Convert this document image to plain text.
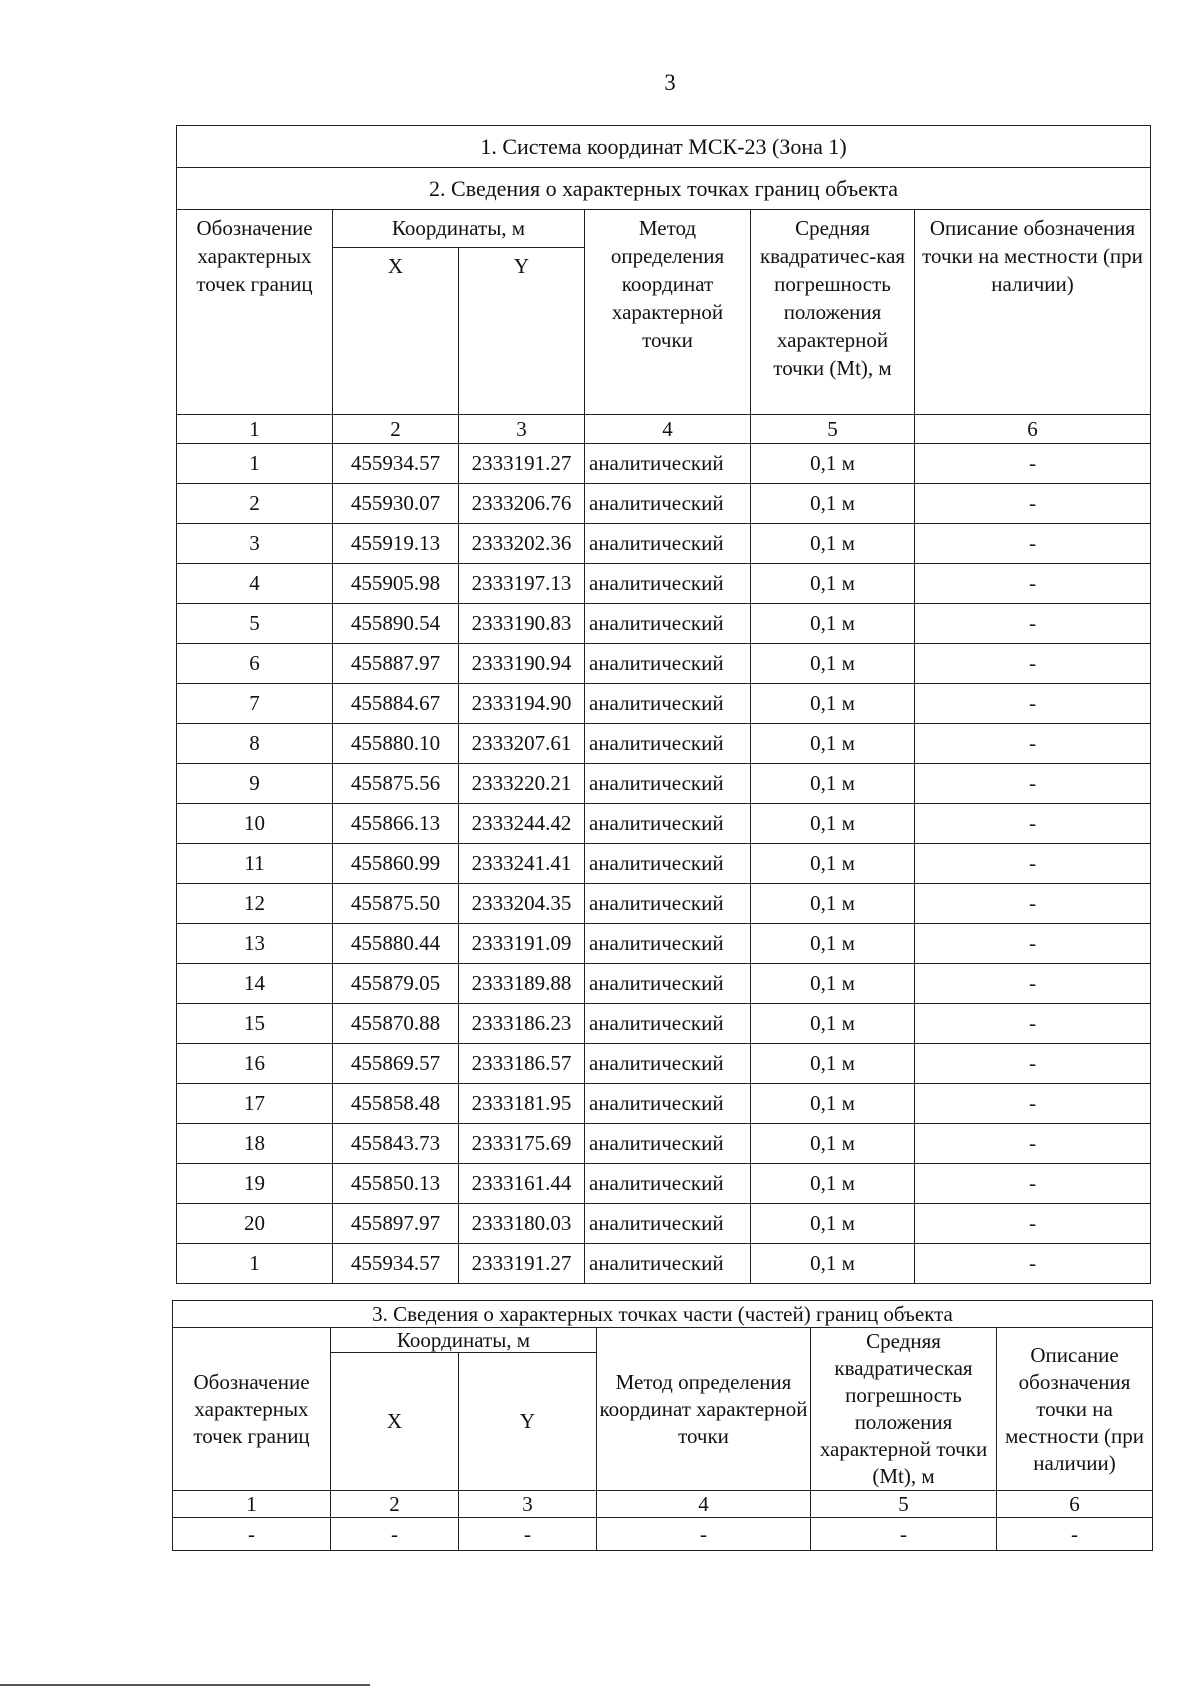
3
1. Система координат МСК-23 (Зона 1)					
2. Сведения о характерных точках границ объекта					
Обозначение характерных точек границ	Координаты, м		Метод определения координат характерной точки	Средняя квадратичес-кая погрешность положения характерной точки (Mt), м	Описание обозначения точки на местности (при наличии)
	X	Y			
1	2	3	4	5	6
1	455934.57	2333191.27	аналитический	0,1 м	-
2	455930.07	2333206.76	аналитический	0,1 м	-
3	455919.13	2333202.36	аналитический	0,1 м	-
4	455905.98	2333197.13	аналитический	0,1 м	-
5	455890.54	2333190.83	аналитический	0,1 м	-
6	455887.97	2333190.94	аналитический	0,1 м	-
7	455884.67	2333194.90	аналитический	0,1 м	-
8	455880.10	2333207.61	аналитический	0,1 м	-
9	455875.56	2333220.21	аналитический	0,1 м	-
10	455866.13	2333244.42	аналитический	0,1 м	-
11	455860.99	2333241.41	аналитический	0,1 м	-
12	455875.50	2333204.35	аналитический	0,1 м	-
13	455880.44	2333191.09	аналитический	0,1 м	-
14	455879.05	2333189.88	аналитический	0,1 м	-
15	455870.88	2333186.23	аналитический	0,1 м	-
16	455869.57	2333186.57	аналитический	0,1 м	-
17	455858.48	2333181.95	аналитический	0,1 м	-
18	455843.73	2333175.69	аналитический	0,1 м	-
19	455850.13	2333161.44	аналитический	0,1 м	-
20	455897.97	2333180.03	аналитический	0,1 м	-
1	455934.57	2333191.27	аналитический	0,1 м	-
3. Сведения о характерных точках части (частей) границ объекта					
Обозначение характерных точек границ	Координаты, м		Метод определения координат характерной точки	Средняя квадратическая погрешность положения характерной точки (Mt), м	Описание обозначения точки на местности (при наличии)
	X	Y			
1	2	3	4	5	6
-	-	-	-	-	-
